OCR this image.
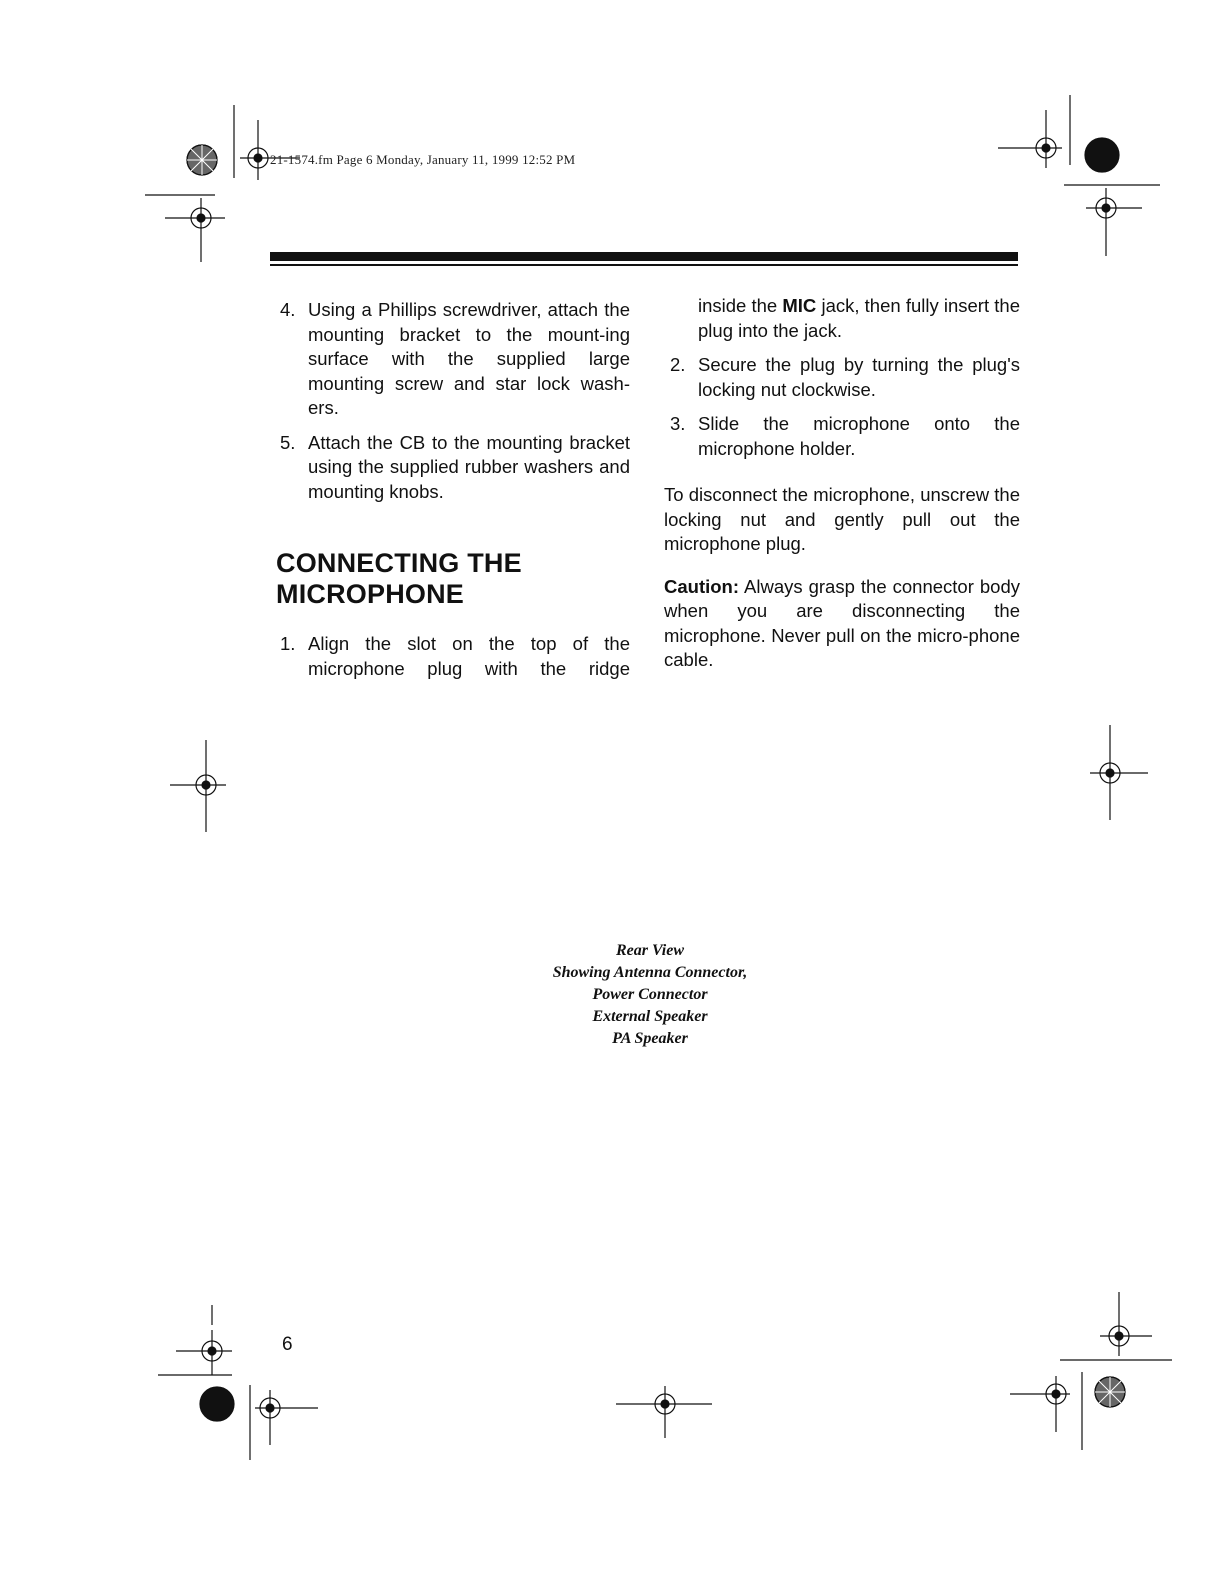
21-1574.fm Page 6 Monday, January 11, 1999 12:52 PM
4. Using a Phillips screwdriver, attach the mounting bracket to the mount-ing surface with the supplied large mounting screw and star lock wash-ers.
5. Attach the CB to the mounting bracket using the supplied rubber washers and mounting knobs.
CONNECTING THE
MICROPHONE
1. Align the slot on the top of the microphone plug with the ridge
inside the MIC jack, then fully insert the plug into the jack.
2. Secure the plug by turning the plug's locking nut clockwise.
3. Slide the microphone onto the microphone holder.

To disconnect the microphone, unscrew the locking nut and gently pull out the microphone plug.

Caution: Always grasp the connector body when you are disconnecting the microphone. Never pull on the micro-phone cable.

Rear View
Showing Antenna Connector,
Power Connector
External Speaker
PA Speaker
6
